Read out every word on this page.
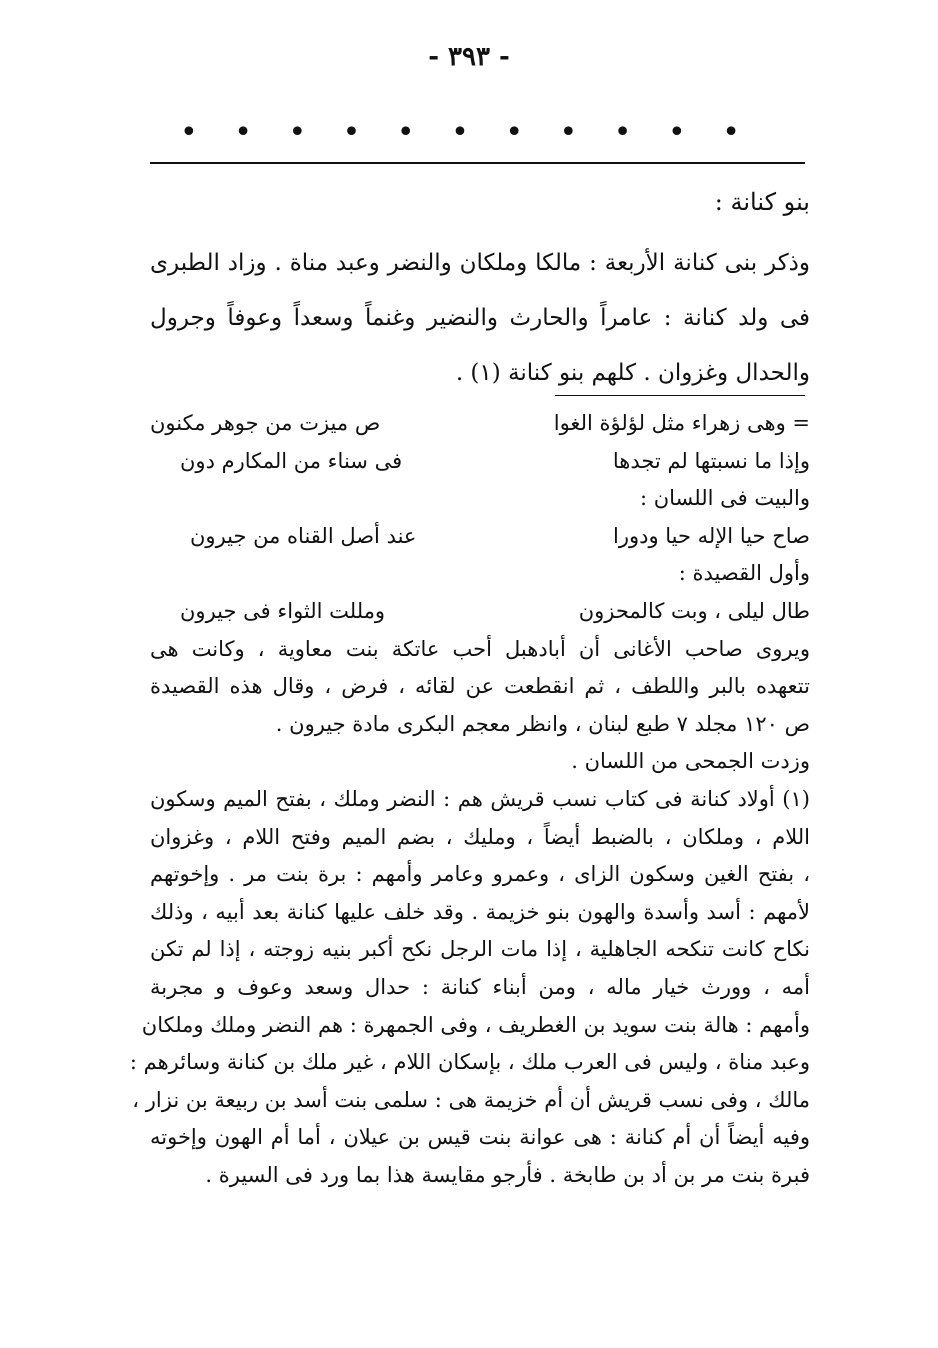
- ٣٩٣ -
• • • • • • • • • • •
بنو كنانة :
وذكر بنى كنانة الأربعة : مالكا وملكان والنضر وعبد مناة . وزاد الطبرى فى ولد كنانة : عامراً والحارث والنضير وغنماً وسعداً وعوفاً وجرول والحدال وغزوان . كلهم بنو كنانة (١) .
= وهى زهراء مثل لؤلؤة الغوا
ص ميزت من جوهر مكنون
وإذا ما نسبتها لم تجدها
فى سناء من المكارم دون
والبيت فى اللسان :
صاح حيا الإله حيا ودورا
عند أصل القناه من جيرون
وأول القصيدة :
طال ليلى ، وبت كالمحزون
ومللت الثواء فى جيرون
ويروى صاحب الأغانى أن أبادهبل أحب عاتكة بنت معاوية ، وكانت هى
تتعهده بالبر واللطف ، ثم انقطعت عن لقائه ، فرض ، وقال هذه القصيدة
ص ١٢٠ مجلد ٧ طبع لبنان ، وانظر معجم البكرى مادة جيرون .
وزدت الجمحى من اللسان .
(١) أولاد كنانة فى كتاب نسب قريش هم : النضر وملك ، بفتح الميم وسكون
اللام ، وملكان ، بالضبط أيضاً ، ومليك ، بضم الميم وفتح اللام ، وغزوان
، بفتح الغين وسكون الزاى ، وعمرو وعامر وأمهم : برة بنت مر . وإخوتهم
لأمهم : أسد وأسدة والهون بنو خزيمة . وقد خلف عليها كنانة بعد أبيه ، وذلك
نكاح كانت تنكحه الجاهلية ، إذا مات الرجل نكح أكبر بنيه زوجته ، إذا لم تكن
أمه ، وورث خيار ماله ، ومن أبناء كنانة : حدال وسعد وعوف و مجربة
وأمهم : هالة بنت سويد بن الغطريف ، وفى الجمهرة : هم النضر وملك وملكان
وعبد مناة ، وليس فى العرب ملك ، بإسكان اللام ، غير ملك بن كنانة وسائرهم :
مالك ، وفى نسب قريش أن أم خزيمة هى : سلمى بنت أسد بن ربيعة بن نزار ،
وفيه أيضاً أن أم كنانة : هى عوانة بنت قيس بن عيلان ، أما أم الهون وإخوته
فبرة بنت مر بن أد بن طابخة . فأرجو مقايسة هذا بما ورد فى السيرة .
